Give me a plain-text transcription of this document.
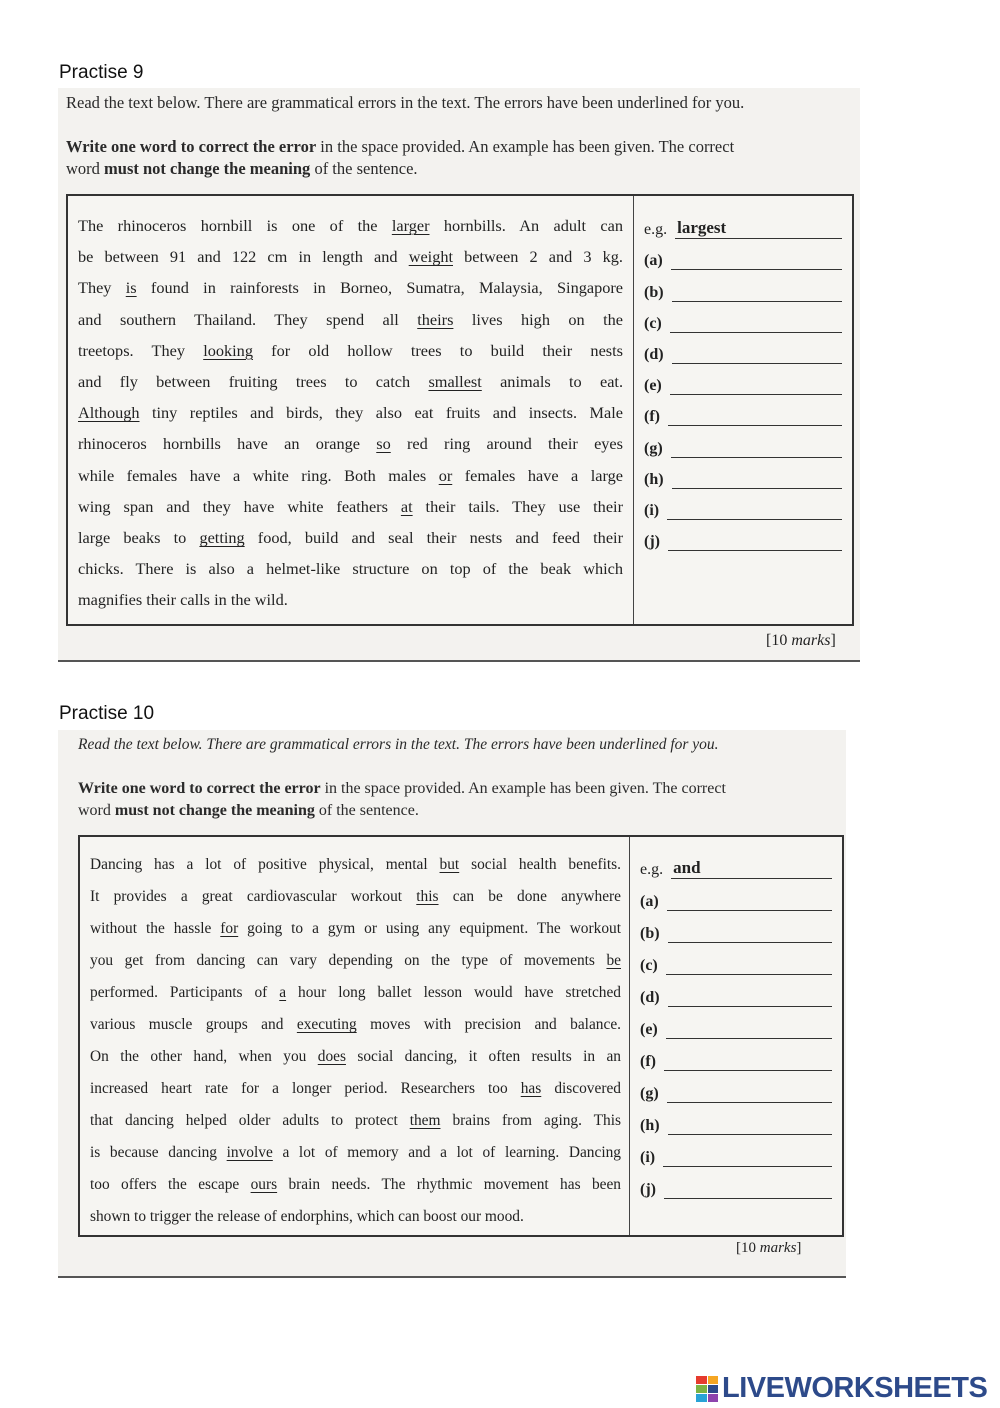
Practise 9
Read the text below. There are grammatical errors in the text. The errors have been underlined for you.
Write one word to correct the error in the space provided. An example has been given. The correct
word must not change the meaning of the sentence.
The rhinoceros hornbill is one of the larger hornbills. An adult can
be between 91 and 122 cm in length and weight between 2 and 3 kg.
They is found in rainforests in Borneo, Sumatra, Malaysia, Singapore
and southern Thailand. They spend all theirs lives high on the
treetops. They looking for old hollow trees to build their nests
and fly between fruiting trees to catch smallest animals to eat.
Although tiny reptiles and birds, they also eat fruits and insects. Male
rhinoceros hornbills have an orange so red ring around their eyes
while females have a white ring. Both males or females have a large
wing span and they have white feathers at their tails. They use their
large beaks to getting food, build and seal their nests and feed their
chicks. There is also a helmet-like structure on top of the beak which
magnifies their calls in the wild.
e.g. largest
(a)
(b)
(c)
(d)
(e)
(f)
(g)
(h)
(i)
(j)
[10 marks]
Practise 10
Read the text below. There are grammatical errors in the text. The errors have been underlined for you.
Write one word to correct the error in the space provided. An example has been given. The correct
word must not change the meaning of the sentence.
Dancing has a lot of positive physical, mental but social health benefits.
It provides a great cardiovascular workout this can be done anywhere
without the hassle for going to a gym or using any equipment. The workout
you get from dancing can vary depending on the type of movements be
performed. Participants of a hour long ballet lesson would have stretched
various muscle groups and executing moves with precision and balance.
On the other hand, when you does social dancing, it often results in an
increased heart rate for a longer period. Researchers too has discovered
that dancing helped older adults to protect them brains from aging. This
is because dancing involve a lot of memory and a lot of learning. Dancing
too offers the escape ours brain needs. The rhythmic movement has been
shown to trigger the release of endorphins, which can boost our mood.
e.g. and
(a)
(b)
(c)
(d)
(e)
(f)
(g)
(h)
(i)
(j)
[10 marks]
LIVEWORKSHEETS
